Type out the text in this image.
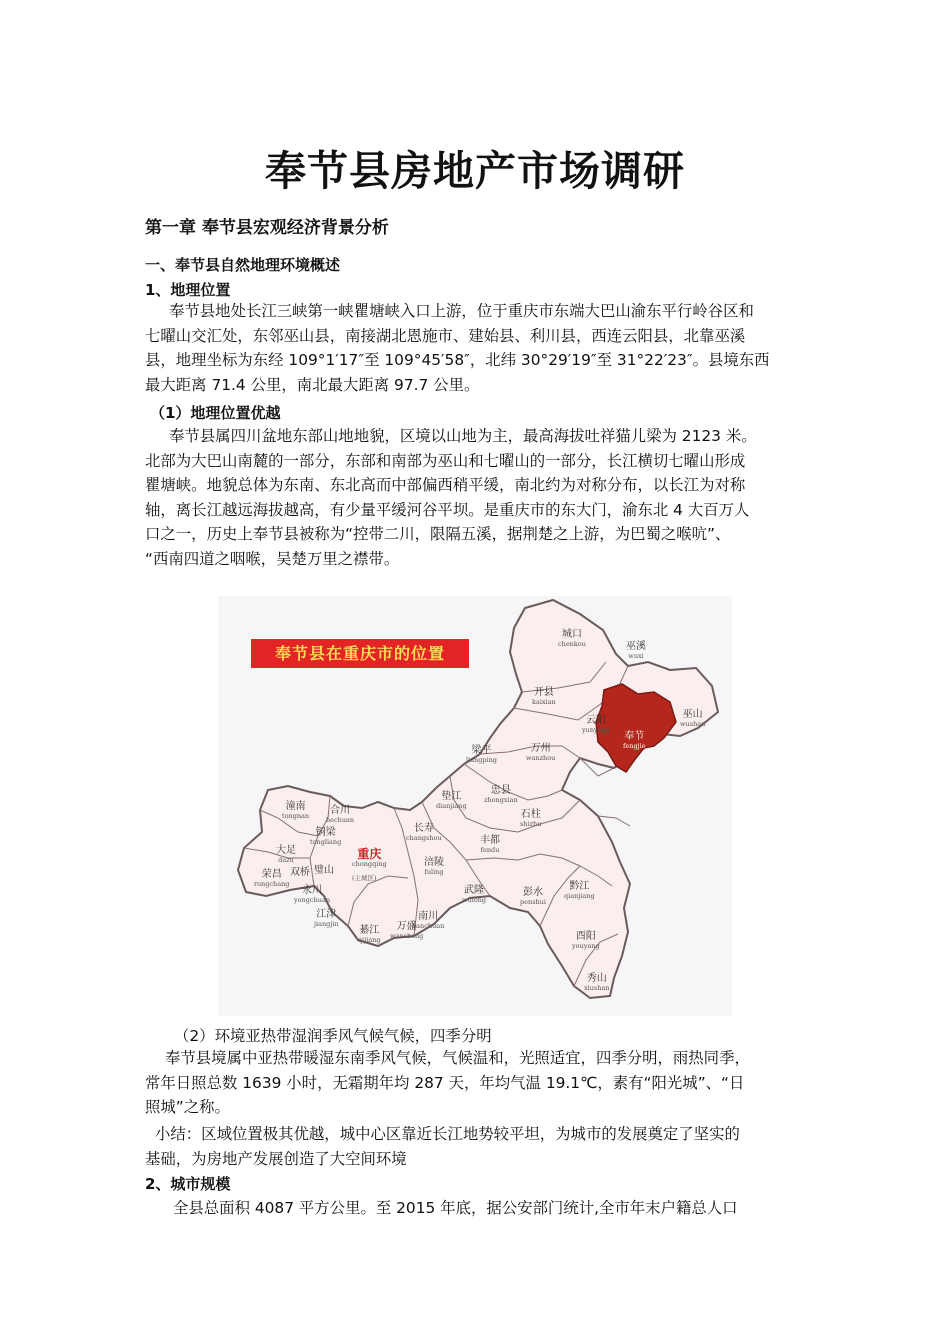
奉节县房地产市场调研
第一章 奉节县宏观经济背景分析
一、奉节县自然地理环境概述
1、地理位置

奉节县地处长江三峡第一峡瞿塘峡入口上游，位于重庆市东端大巴山渝东平行岭谷区和
七曜山交汇处，东邻巫山县，南接湖北恩施市、建始县、利川县，西连云阳县，北靠巫溪
县，地理坐标为东经 109°1′17″至 109°45′58″，北纬 30°29′19″至 31°22′23″。县境东西
最大距离 71.4 公里，南北最大距离 97.7 公里。

（1）地理位置优越

奉节县属四川盆地东部山地地貌，区境以山地为主，最高海拔吐祥猫儿梁为 2123 米。
北部为大巴山南麓的一部分，东部和南部为巫山和七曜山的一部分，长江横切七曜山形成
瞿塘峡。地貌总体为东南、东北高而中部偏西稍平缓，南北约为对称分布，以长江为对称
轴，离长江越远海拔越高，有少量平缓河谷平坝。是重庆市的东大门，渝东北 4 大百万人
口之一，历史上奉节县被称为“控带二川，限隔五溪，据荆楚之上游，为巴蜀之喉吭”、
“西南四道之咽喉，吴楚万里之襟带。

奉节县在重庆市的位置
城口
chenkou	巫溪
wuxi
开县
kaixian
云阳
yunyang
奉节
fengjie
巫山
wushan
梁平
liangping
万州
wanzhou
忠县
zhongxian
垫江
dianjiang
石柱
shizhu
潼南
tongnan	合川
hechuan
长寿
changshou	丰都
fendu
铜梁
tongliang
大足
dazu	重庆
chongqing
(主城区)
涪陵
fuling
荣昌
rongchang
双桥 璧山
永川
yongchuan
武隆
wulong
彭水
penshui
黔江
qianjiang
江津
jiangjin
南川
nanchuan
綦江
qijiang
万盛
wansheng	酉阳
youyang
秀山
xiushan

（2）环境亚热带湿润季风气候气候，四季分明

奉节县境属中亚热带暖湿东南季风气候，气候温和，光照适宜，四季分明，雨热同季，
常年日照总数 1639 小时，无霜期年均 287 天，年均气温 19.1℃，素有“阳光城”、“日
照城”之称。

小结：区域位置极其优越，城中心区靠近长江地势较平坦，为城市的发展奠定了坚实的
基础，为房地产发展创造了大空间环境

2、城市规模

全县总面积 4087 平方公里。至 2015 年底，据公安部门统计,全市年末户籍总人口
